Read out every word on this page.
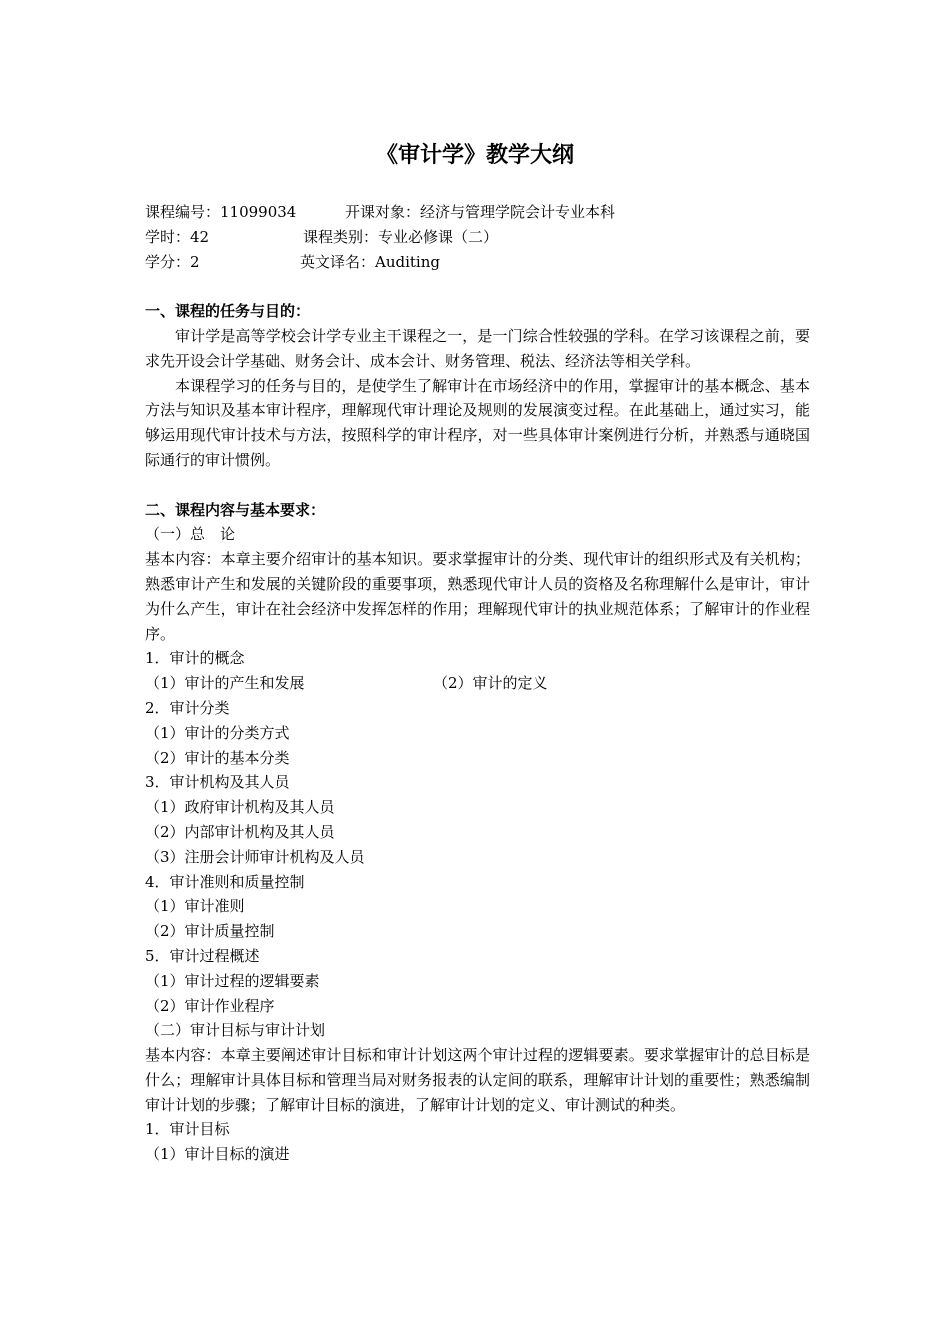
《审计学》教学大纲
课程编号：11099034	开课对象：经济与管理学院会计专业本科
学时：42	课程类别：专业必修课（二）
学分：2	英文译名：Auditing
一、课程的任务与目的：
审计学是高等学校会计学专业主干课程之一，是一门综合性较强的学科。在学习该课程之前，要求先开设会计学基础、财务会计、成本会计、财务管理、税法、经济法等相关学科。
本课程学习的任务与目的，是使学生了解审计在市场经济中的作用，掌握审计的基本概念、基本方法与知识及基本审计程序，理解现代审计理论及规则的发展演变过程。在此基础上，通过实习，能够运用现代审计技术与方法，按照科学的审计程序，对一些具体审计案例进行分析，并熟悉与通晓国际通行的审计惯例。
二、课程内容与基本要求：
（一）总　论
基本内容：本章主要介绍审计的基本知识。要求掌握审计的分类、现代审计的组织形式及有关机构；熟悉审计产生和发展的关键阶段的重要事项，熟悉现代审计人员的资格及名称理解什么是审计，审计为什么产生，审计在社会经济中发挥怎样的作用；理解现代审计的执业规范体系；了解审计的作业程序。
1．审计的概念
（1）审计的产生和发展	（2）审计的定义
2．审计分类
（1）审计的分类方式
（2）审计的基本分类
3．审计机构及其人员
（1）政府审计机构及其人员
（2）内部审计机构及其人员
（3）注册会计师审计机构及人员
4．审计准则和质量控制
（1）审计准则
（2）审计质量控制
5．审计过程概述
（1）审计过程的逻辑要素
（2）审计作业程序
（二）审计目标与审计计划
基本内容：本章主要阐述审计目标和审计计划这两个审计过程的逻辑要素。要求掌握审计的总目标是什么；理解审计具体目标和管理当局对财务报表的认定间的联系，理解审计计划的重要性；熟悉编制审计计划的步骤；了解审计目标的演进，了解审计计划的定义、审计测试的种类。
1．审计目标
（1）审计目标的演进
